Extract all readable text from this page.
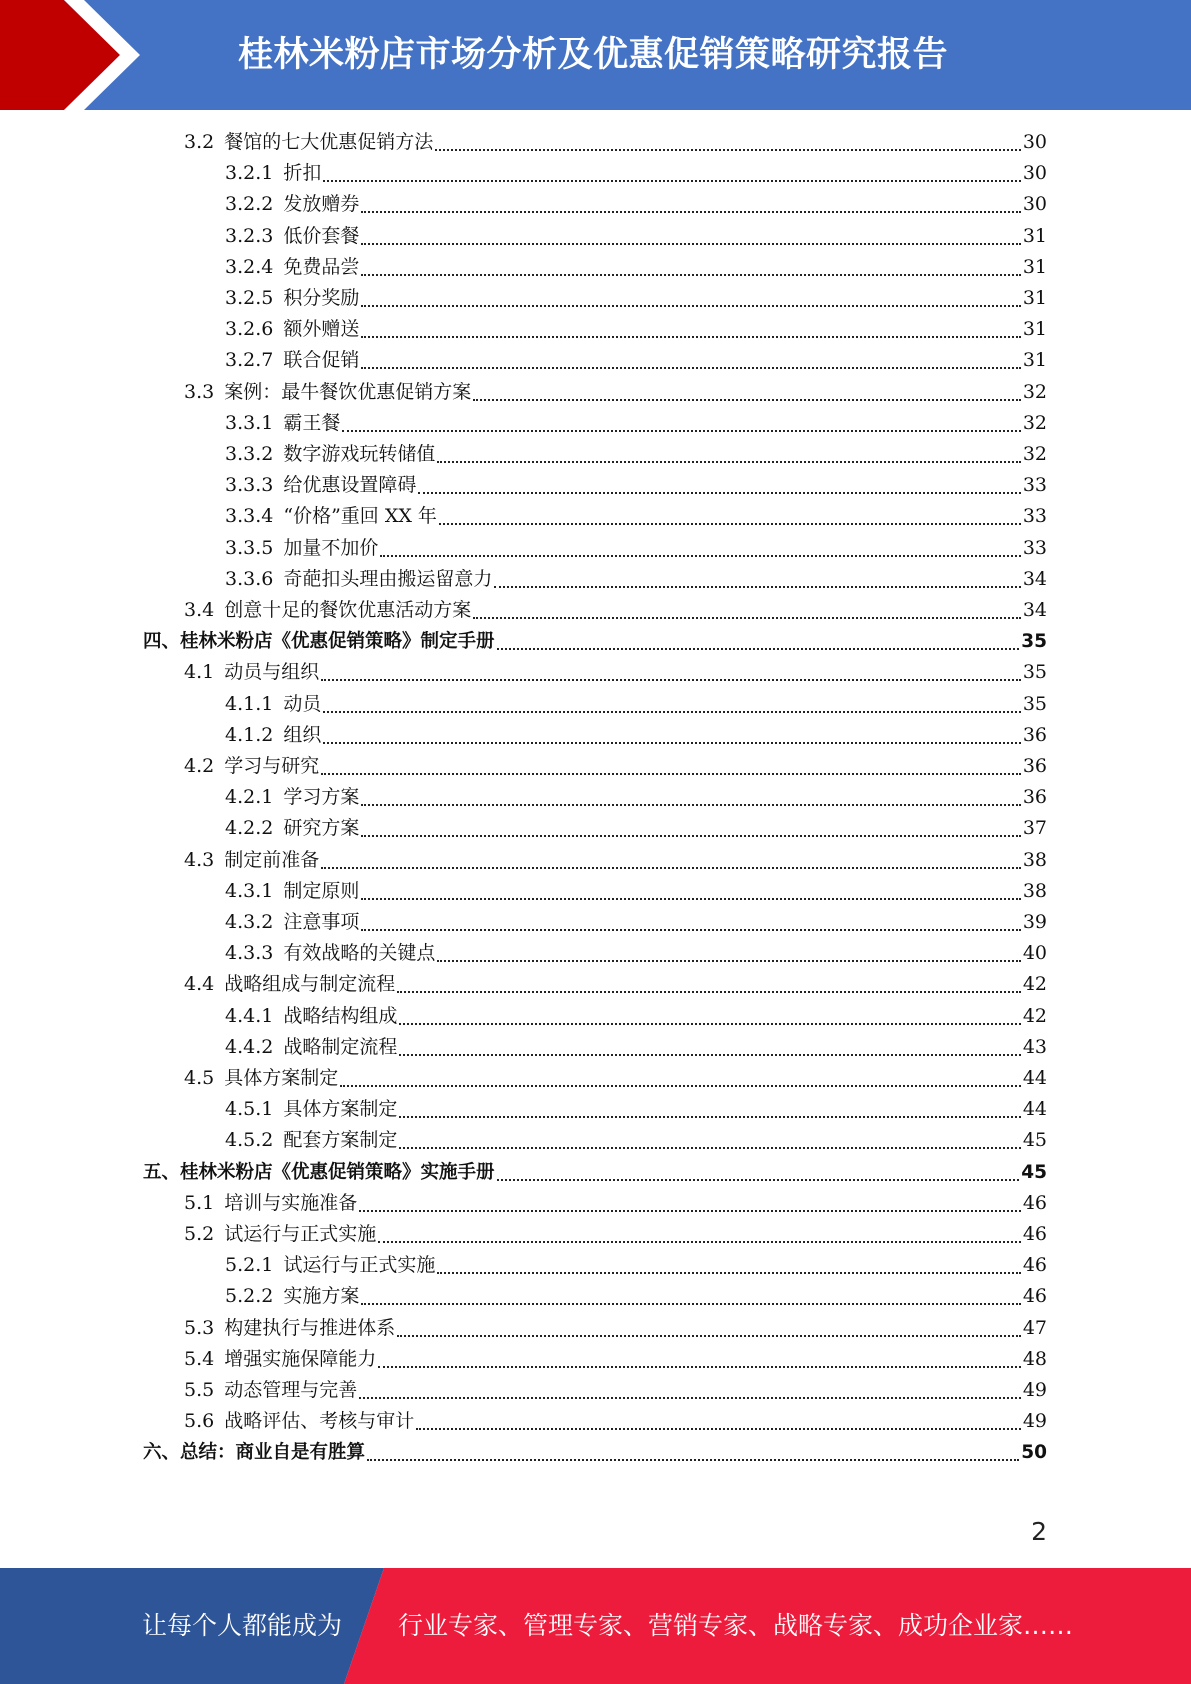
桂林米粉店市场分析及优惠促销策略研究报告
3.2 餐馆的七大优惠促销方法	30
3.2.1 折扣	30
3.2.2 发放赠券	30
3.2.3 低价套餐	31
3.2.4 免费品尝	31
3.2.5 积分奖励	31
3.2.6 额外赠送	31
3.2.7 联合促销	31
3.3 案例：最牛餐饮优惠促销方案	32
3.3.1 霸王餐	32
3.3.2 数字游戏玩转储值	32
3.3.3 给优惠设置障碍	33
3.3.4 “价格”重回 XX 年	33
3.3.5 加量不加价	33
3.3.6 奇葩扣头理由搬运留意力	34
3.4 创意十足的餐饮优惠活动方案	34
四、桂林米粉店《优惠促销策略》制定手册	35
4.1 动员与组织	35
4.1.1 动员	35
4.1.2 组织	36
4.2 学习与研究	36
4.2.1 学习方案	36
4.2.2 研究方案	37
4.3 制定前准备	38
4.3.1 制定原则	38
4.3.2 注意事项	39
4.3.3 有效战略的关键点	40
4.4 战略组成与制定流程	42
4.4.1 战略结构组成	42
4.4.2 战略制定流程	43
4.5 具体方案制定	44
4.5.1 具体方案制定	44
4.5.2 配套方案制定	45
五、桂林米粉店《优惠促销策略》实施手册	45
5.1 培训与实施准备	46
5.2 试运行与正式实施	46
5.2.1 试运行与正式实施	46
5.2.2 实施方案	46
5.3 构建执行与推进体系	47
5.4 增强实施保障能力	48
5.5 动态管理与完善	49
5.6 战略评估、考核与审计	49
六、总结：商业自是有胜算	50
2
让每个人都能成为 行业专家、管理专家、营销专家、战略专家、成功企业家……
